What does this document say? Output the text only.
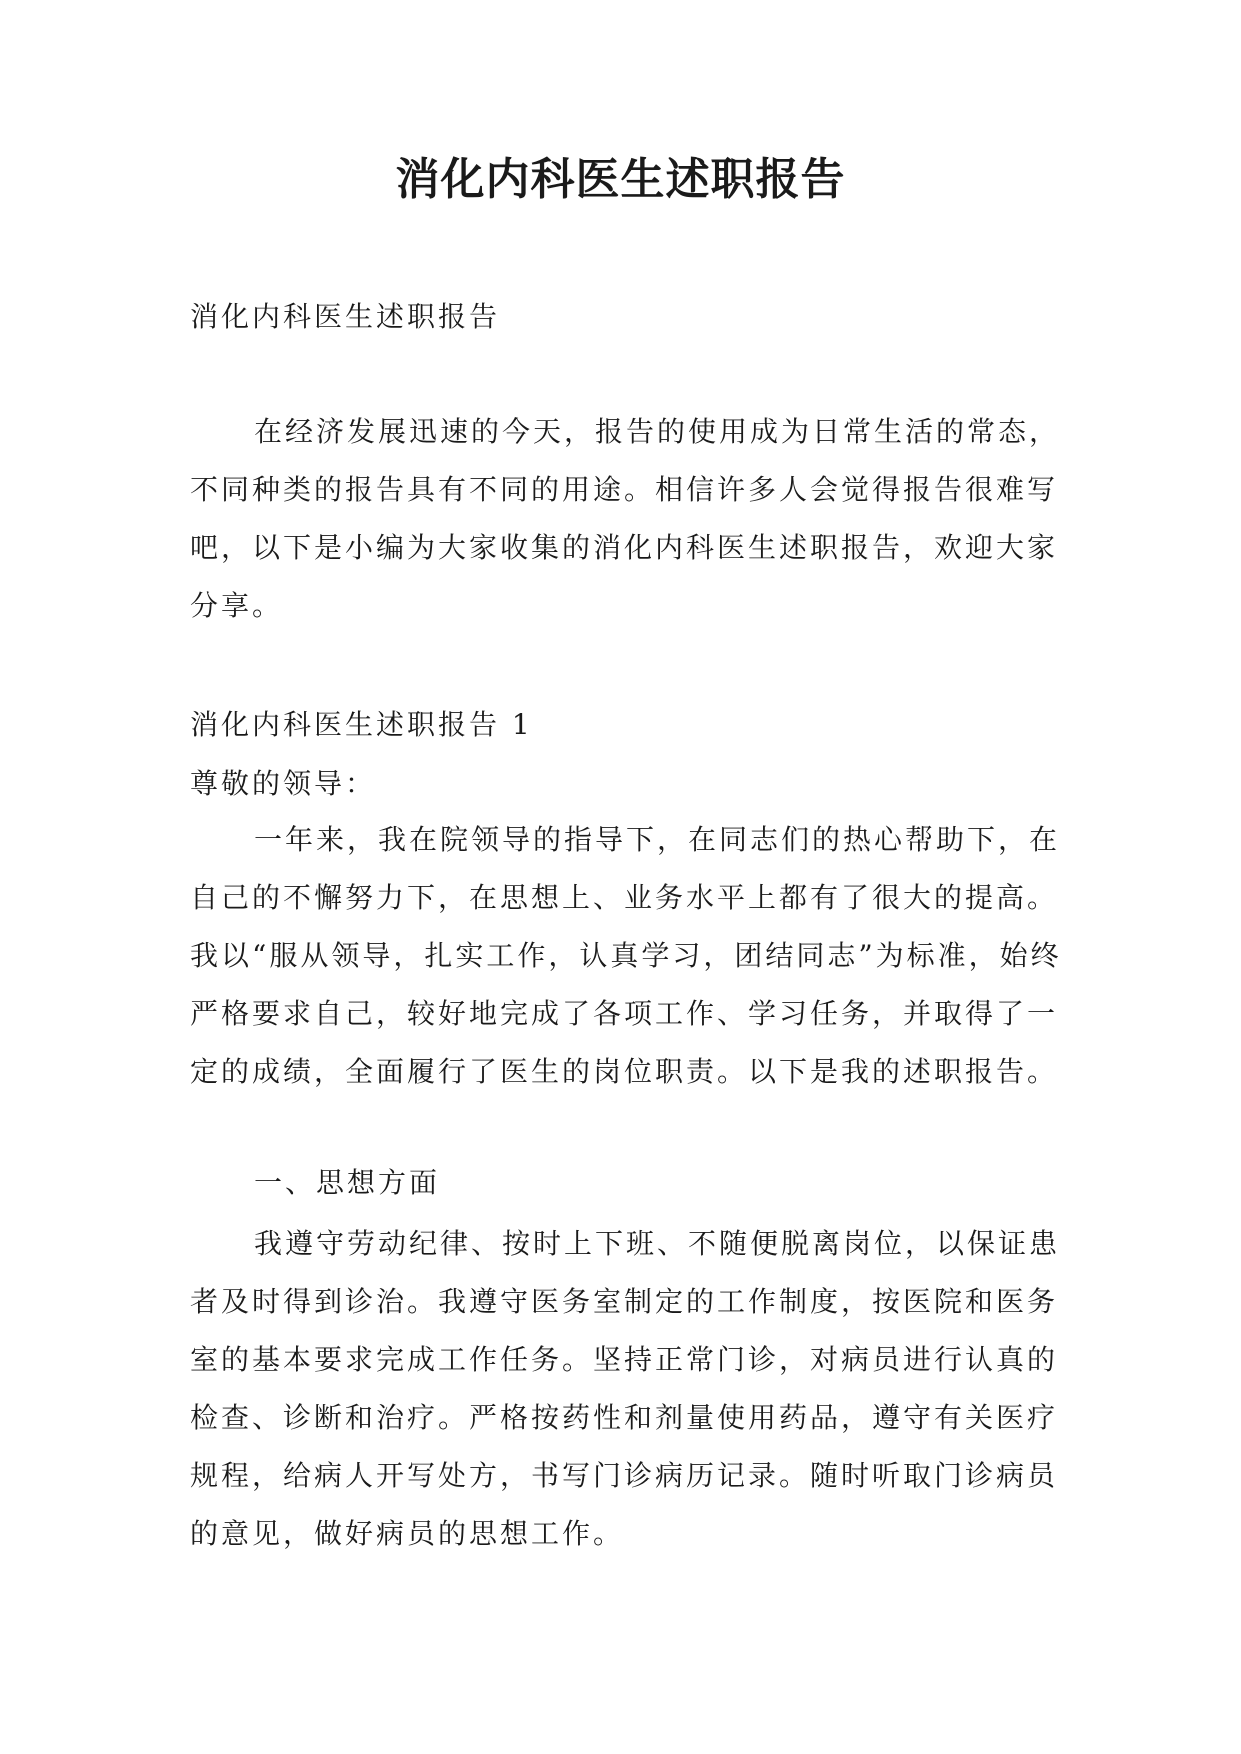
消化内科医生述职报告

消化内科医生述职报告

在经济发展迅速的今天，报告的使用成为日常生活的常态，不同种类的报告具有不同的用途。相信许多人会觉得报告很难写吧，以下是小编为大家收集的消化内科医生述职报告，欢迎大家分享。

消化内科医生述职报告 1

尊敬的领导：

一年来，我在院领导的指导下，在同志们的热心帮助下，在自己的不懈努力下，在思想上、业务水平上都有了很大的提高。我以“服从领导，扎实工作，认真学习，团结同志”为标准，始终严格要求自己，较好地完成了各项工作、学习任务，并取得了一定的成绩，全面履行了医生的岗位职责。以下是我的述职报告。

一、思想方面

我遵守劳动纪律、按时上下班、不随便脱离岗位，以保证患者及时得到诊治。我遵守医务室制定的工作制度，按医院和医务室的基本要求完成工作任务。坚持正常门诊，对病员进行认真的检查、诊断和治疗。严格按药性和剂量使用药品，遵守有关医疗规程，给病人开写处方，书写门诊病历记录。随时听取门诊病员的意见，做好病员的思想工作。
